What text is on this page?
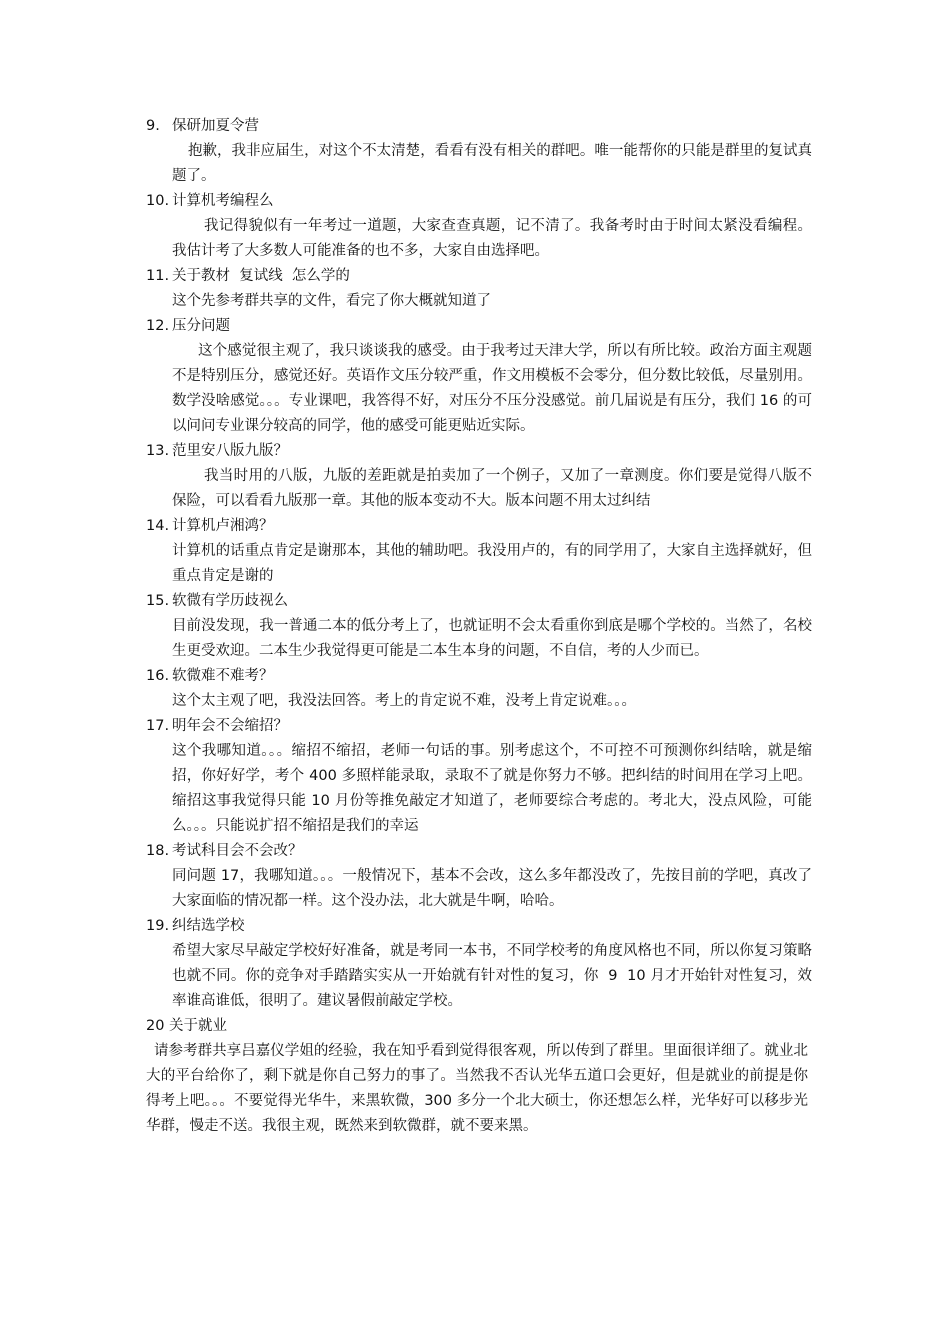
9. 保研加夏令营

抱歉，我非应届生，对这个不太清楚，看看有没有相关的群吧。唯一能帮你的只能是群里的复试真题了。

10. 计算机考编程么

我记得貌似有一年考过一道题，大家查查真题，记不清了。我备考时由于时间太紧没看编程。我估计考了大多数人可能准备的也不多，大家自由选择吧。

11. 关于教材  复试线  怎么学的

这个先参考群共享的文件，看完了你大概就知道了

12. 压分问题

这个感觉很主观了，我只谈谈我的感受。由于我考过天津大学，所以有所比较。政治方面主观题不是特别压分，感觉还好。英语作文压分较严重，作文用模板不会零分，但分数比较低，尽量别用。数学没啥感觉。。。专业课吧，我答得不好，对压分不压分没感觉。前几届说是有压分，我们 16 的可以问问专业课分较高的同学，他的感受可能更贴近实际。

13. 范里安八版九版？

我当时用的八版，九版的差距就是拍卖加了一个例子，又加了一章测度。你们要是觉得八版不保险，可以看看九版那一章。其他的版本变动不大。版本问题不用太过纠结

14. 计算机卢湘鸿？

计算机的话重点肯定是谢那本，其他的辅助吧。我没用卢的，有的同学用了，大家自主选择就好，但重点肯定是谢的

15. 软微有学历歧视么

目前没发现，我一普通二本的低分考上了，也就证明不会太看重你到底是哪个学校的。当然了，名校生更受欢迎。二本生少我觉得更可能是二本生本身的问题，不自信，考的人少而已。

16. 软微难不难考？

这个太主观了吧，我没法回答。考上的肯定说不难，没考上肯定说难。。。

17. 明年会不会缩招？

这个我哪知道。。。缩招不缩招，老师一句话的事。别考虑这个，不可控不可预测你纠结啥，就是缩招，你好好学，考个 400 多照样能录取，录取不了就是你努力不够。把纠结的时间用在学习上吧。缩招这事我觉得只能 10 月份等推免敲定才知道了，老师要综合考虑的。考北大，没点风险，可能么。。。只能说扩招不缩招是我们的幸运

18. 考试科目会不会改？

同问题 17，我哪知道。。。一般情况下，基本不会改，这么多年都没改了，先按目前的学吧，真改了大家面临的情况都一样。这个没办法，北大就是牛啊，哈哈。

19. 纠结选学校

希望大家尽早敲定学校好好准备，就是考同一本书，不同学校考的角度风格也不同，所以你复习策略也就不同。你的竞争对手踏踏实实从一开始就有针对性的复习，你  9  10 月才开始针对性复习，效率谁高谁低，很明了。建议暑假前敲定学校。

20 关于就业

请参考群共享吕嘉仪学姐的经验，我在知乎看到觉得很客观，所以传到了群里。里面很详细了。就业北大的平台给你了，剩下就是你自己努力的事了。当然我不否认光华五道口会更好，但是就业的前提是你得考上吧。。。不要觉得光华牛，来黑软微，300 多分一个北大硕士，你还想怎么样，光华好可以移步光华群，慢走不送。我很主观，既然来到软微群，就不要来黑。
